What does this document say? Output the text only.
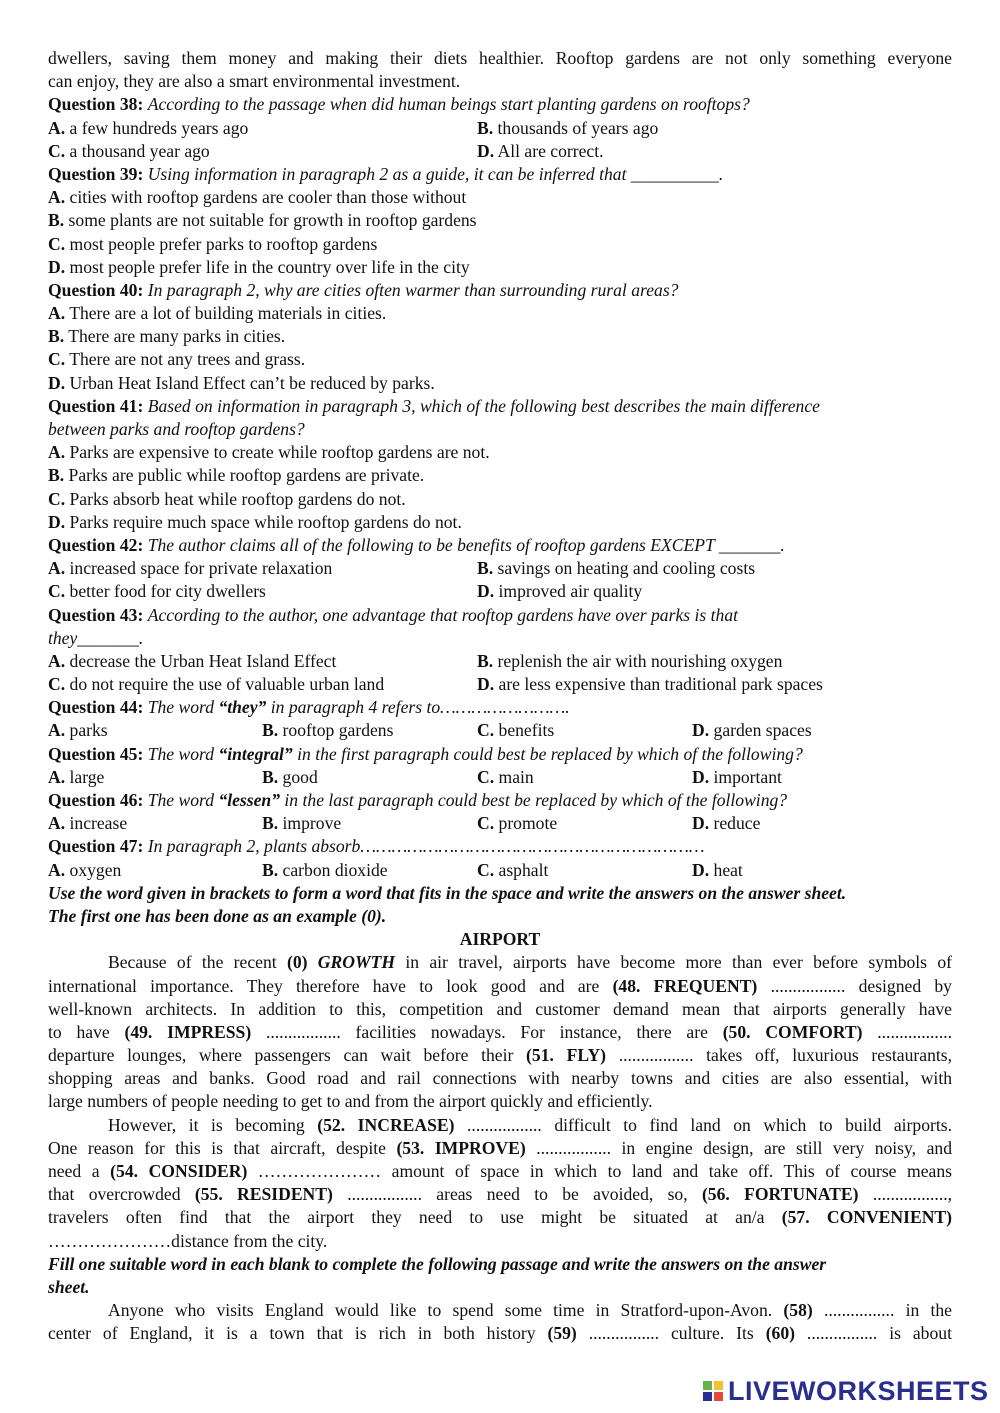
dwellers, saving them money and making their diets healthier. Rooftop gardens are not only something everyone
can enjoy, they are also a smart environmental investment.
Question 38: According to the passage when did human beings start planting gardens on rooftops?
A. a few hundreds years ago	B. thousands of years ago
C. a thousand year ago	D. All are correct.
Question 39: Using information in paragraph 2 as a guide, it can be inferred that __________.
A. cities with rooftop gardens are cooler than those without
B. some plants are not suitable for growth in rooftop gardens
C. most people prefer parks to rooftop gardens
D. most people prefer life in the country over life in the city
Question 40: In paragraph 2, why are cities often warmer than surrounding rural areas?
A. There are a lot of building materials in cities.
B. There are many parks in cities.
C. There are not any trees and grass.
D. Urban Heat Island Effect can’t be reduced by parks.
Question 41: Based on information in paragraph 3, which of the following best describes the main difference
between parks and rooftop gardens?
A. Parks are expensive to create while rooftop gardens are not.
B. Parks are public while rooftop gardens are private.
C. Parks absorb heat while rooftop gardens do not.
D. Parks require much space while rooftop gardens do not.
Question 42: The author claims all of the following to be benefits of rooftop gardens EXCEPT _______.
A. increased space for private relaxation	B. savings on heating and cooling costs
C. better food for city dwellers	D. improved air quality
Question 43: According to the author, one advantage that rooftop gardens have over parks is that
they_______.
A. decrease the Urban Heat Island Effect	B. replenish the air with nourishing oxygen
C. do not require the use of valuable urban land	D. are less expensive than traditional park spaces
Question 44: The word “they” in paragraph 4 refers to…………………….
A. parks	B. rooftop gardens	C. benefits	D. garden spaces
Question 45: The word “integral” in the first paragraph could best be replaced by which of the following?
A. large	B. good	C. main	D. important
Question 46: The word “lessen” in the last paragraph could best be replaced by which of the following?
A. increase	B. improve	C. promote	D. reduce
Question 47: In paragraph 2, plants absorb…………………………………………………………
A. oxygen	B. carbon dioxide	C. asphalt	D. heat
Use the word given in brackets to form a word that fits in the space and write the answers on the answer sheet.
The first one has been done as an example (0).
AIRPORT
Because of the recent (0) GROWTH in air travel, airports have become more than ever before symbols of
international importance. They therefore have to look good and are (48. FREQUENT) ................. designed by
well-known architects. In addition to this, competition and customer demand mean that airports generally have
to have (49. IMPRESS) ................. facilities nowadays. For instance, there are (50. COMFORT) .................
departure lounges, where passengers can wait before their (51. FLY) ................. takes off, luxurious restaurants,
shopping areas and banks. Good road and rail connections with nearby towns and cities are also essential, with
large numbers of people needing to get to and from the airport quickly and efficiently.
However, it is becoming (52. INCREASE) ................. difficult to find land on which to build airports.
One reason for this is that aircraft, despite (53. IMPROVE) ................. in engine design, are still very noisy, and
need a (54. CONSIDER) ………………… amount of space in which to land and take off. This of course means
that overcrowded (55. RESIDENT) ................. areas need to be avoided, so, (56. FORTUNATE) .................,
travelers often find that the airport they need to use might be situated at an/a (57. CONVENIENT)
…………………distance from the city.
Fill one suitable word in each blank to complete the following passage and write the answers on the answer
sheet.
Anyone who visits England would like to spend some time in Stratford-upon-Avon. (58) ................ in the
center of England, it is a town that is rich in both history (59) ................ culture. Its (60) ................ is about
LIVEWORKSHEETS
